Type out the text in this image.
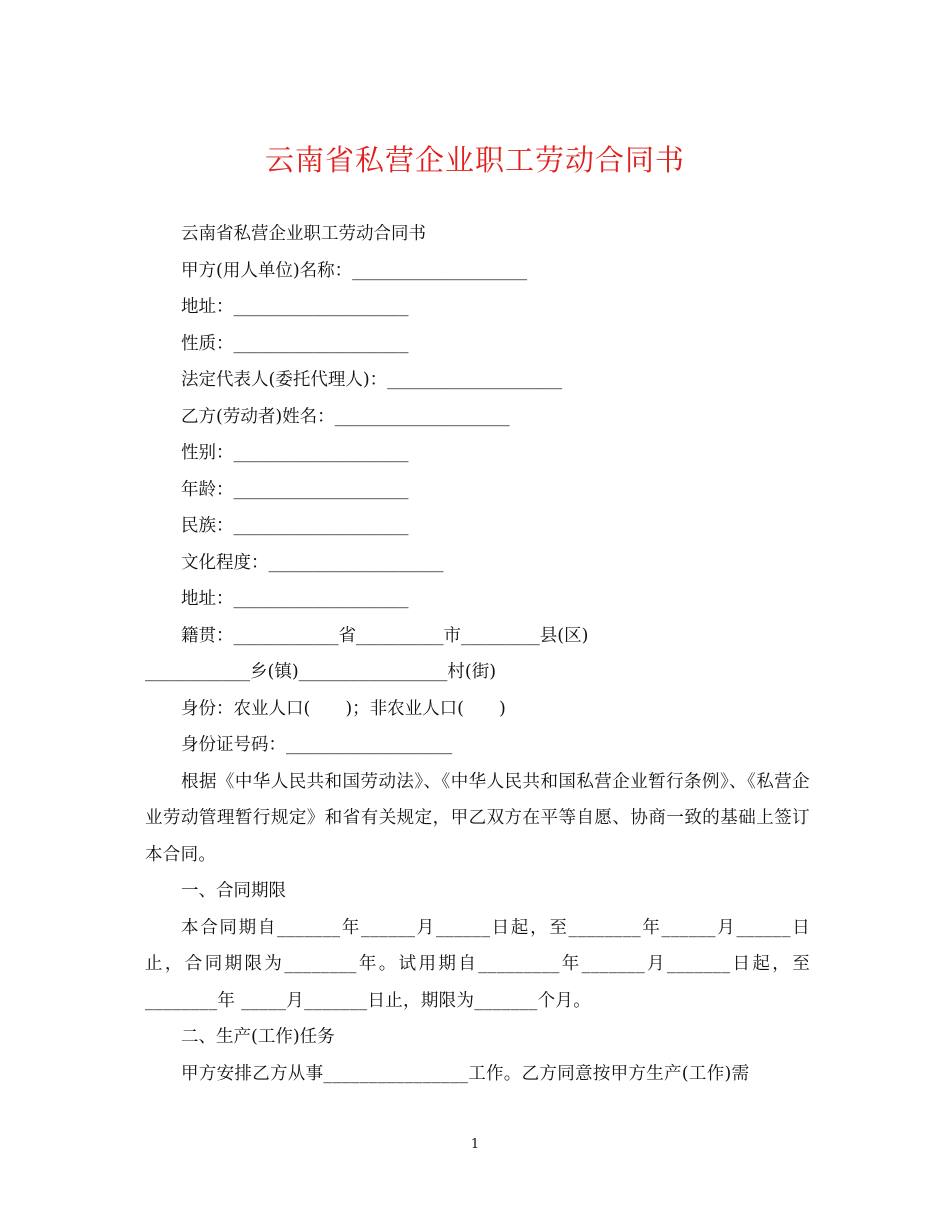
云南省私营企业职工劳动合同书
云南省私营企业职工劳动合同书
甲方(用人单位)名称：____________________
地址：____________________
性质：____________________
法定代表人(委托代理人)：____________________
乙方(劳动者)姓名：____________________
性别：____________________
年龄：____________________
民族：____________________
文化程度：____________________
地址：____________________
籍贯：____________省__________市_________县(区)
____________乡(镇)_________________村(街)
身份：农业人口(　　)；非农业人口(　　)
身份证号码：___________________
根据《中华人民共和国劳动法》、《中华人民共和国私营企业暂行条例》、《私营企业劳动管理暂行规定》和省有关规定，甲乙双方在平等自愿、协商一致的基础上签订本合同。
一、合同期限
本合同期自_______年______月______日起，至________年______月______日止，合同期限为________年。试用期自_________年_______月_______日起，至________年 _____月_______日止，期限为_______个月。
二、生产(工作)任务
甲方安排乙方从事________________工作。乙方同意按甲方生产(工作)需
1
